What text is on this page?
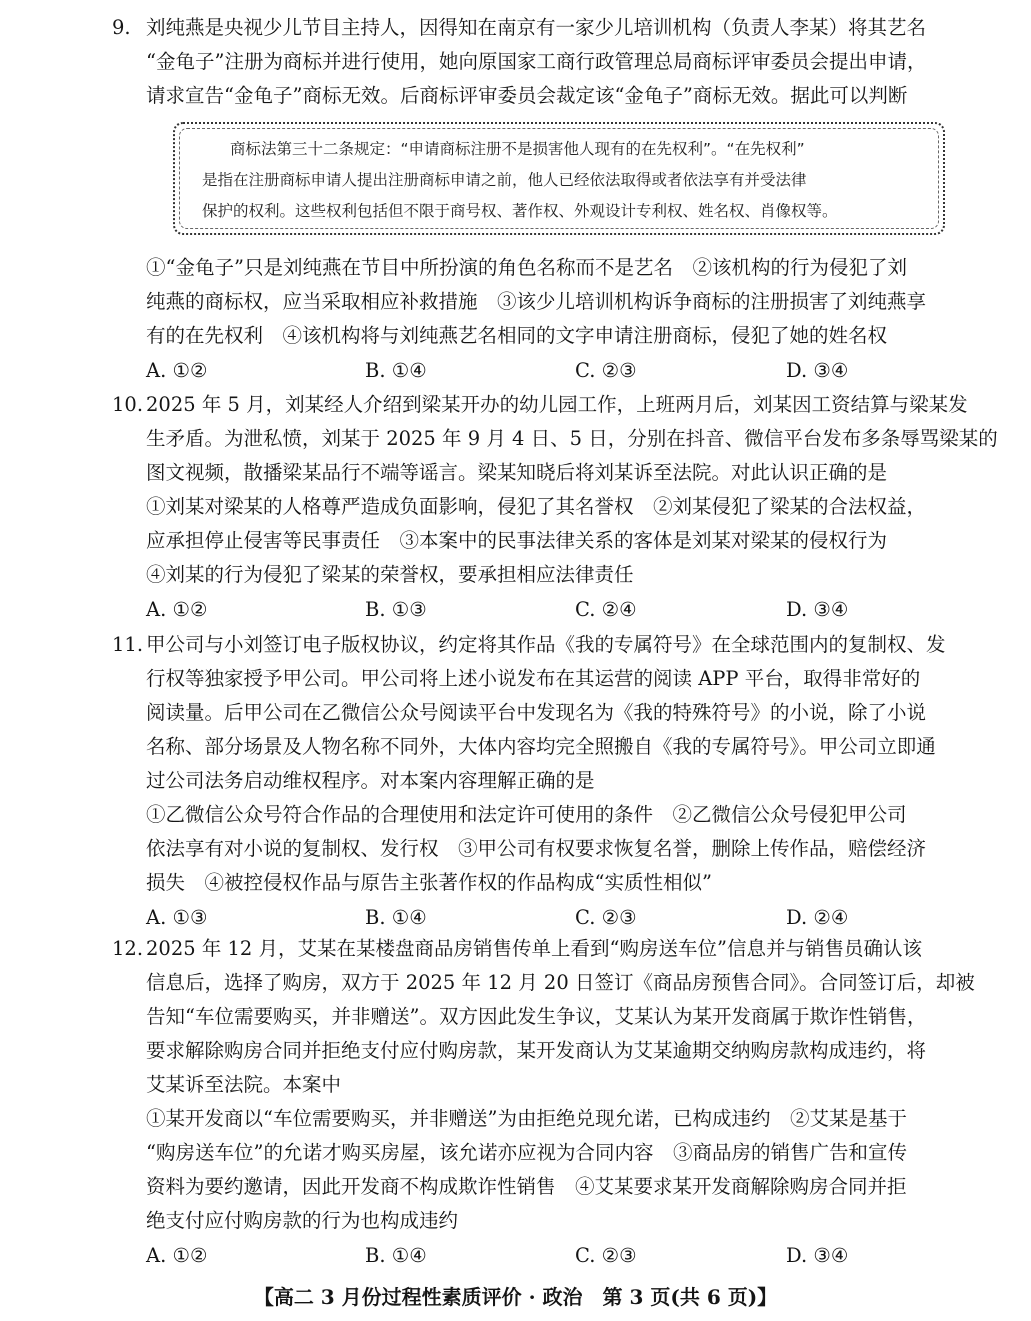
9. 刘纯燕是央视少儿节目主持人，因得知在南京有一家少儿培训机构（负责人李某）将其艺名
“金龟子”注册为商标并进行使用，她向原国家工商行政管理总局商标评审委员会提出申请，
请求宣告“金龟子”商标无效。后商标评审委员会裁定该“金龟子”商标无效。据此可以判断
商标法第三十二条规定：“申请商标注册不是损害他人现有的在先权利”。“在先权利”
是指在注册商标申请人提出注册商标申请之前，他人已经依法取得或者依法享有并受法律
保护的权利。这些权利包括但不限于商号权、著作权、外观设计专利权、姓名权、肖像权等。
①“金龟子”只是刘纯燕在节目中所扮演的角色名称而不是艺名　②该机构的行为侵犯了刘
纯燕的商标权，应当采取相应补救措施　③该少儿培训机构诉争商标的注册损害了刘纯燕享
有的在先权利　④该机构将与刘纯燕艺名相同的文字申请注册商标，侵犯了她的姓名权
A. ①②	B. ①④	C. ②③	D. ③④
10. 2025 年 5 月，刘某经人介绍到梁某开办的幼儿园工作，上班两月后，刘某因工资结算与梁某发
生矛盾。为泄私愤，刘某于 2025 年 9 月 4 日、5 日，分别在抖音、微信平台发布多条辱骂梁某的
图文视频，散播梁某品行不端等谣言。梁某知晓后将刘某诉至法院。对此认识正确的是
①刘某对梁某的人格尊严造成负面影响，侵犯了其名誉权　②刘某侵犯了梁某的合法权益，
应承担停止侵害等民事责任　③本案中的民事法律关系的客体是刘某对梁某的侵权行为
④刘某的行为侵犯了梁某的荣誉权，要承担相应法律责任
A. ①②	B. ①③	C. ②④	D. ③④
11. 甲公司与小刘签订电子版权协议，约定将其作品《我的专属符号》在全球范围内的复制权、发
行权等独家授予甲公司。甲公司将上述小说发布在其运营的阅读 APP 平台，取得非常好的
阅读量。后甲公司在乙微信公众号阅读平台中发现名为《我的特殊符号》的小说，除了小说
名称、部分场景及人物名称不同外，大体内容均完全照搬自《我的专属符号》。甲公司立即通
过公司法务启动维权程序。对本案内容理解正确的是
①乙微信公众号符合作品的合理使用和法定许可使用的条件　②乙微信公众号侵犯甲公司
依法享有对小说的复制权、发行权　③甲公司有权要求恢复名誉，删除上传作品，赔偿经济
损失　④被控侵权作品与原告主张著作权的作品构成“实质性相似”
A. ①③	B. ①④	C. ②③	D. ②④
12. 2025 年 12 月，艾某在某楼盘商品房销售传单上看到“购房送车位”信息并与销售员确认该
信息后，选择了购房，双方于 2025 年 12 月 20 日签订《商品房预售合同》。合同签订后，却被
告知“车位需要购买，并非赠送”。双方因此发生争议，艾某认为某开发商属于欺诈性销售，
要求解除购房合同并拒绝支付应付购房款，某开发商认为艾某逾期交纳购房款构成违约，将
艾某诉至法院。本案中
①某开发商以“车位需要购买，并非赠送”为由拒绝兑现允诺，已构成违约　②艾某是基于
“购房送车位”的允诺才购买房屋，该允诺亦应视为合同内容　③商品房的销售广告和宣传
资料为要约邀请，因此开发商不构成欺诈性销售　④艾某要求某开发商解除购房合同并拒
绝支付应付购房款的行为也构成违约
A. ①②	B. ①④	C. ②③	D. ③④
【高二 3 月份过程性素质评价 · 政治　第 3 页(共 6 页)】
